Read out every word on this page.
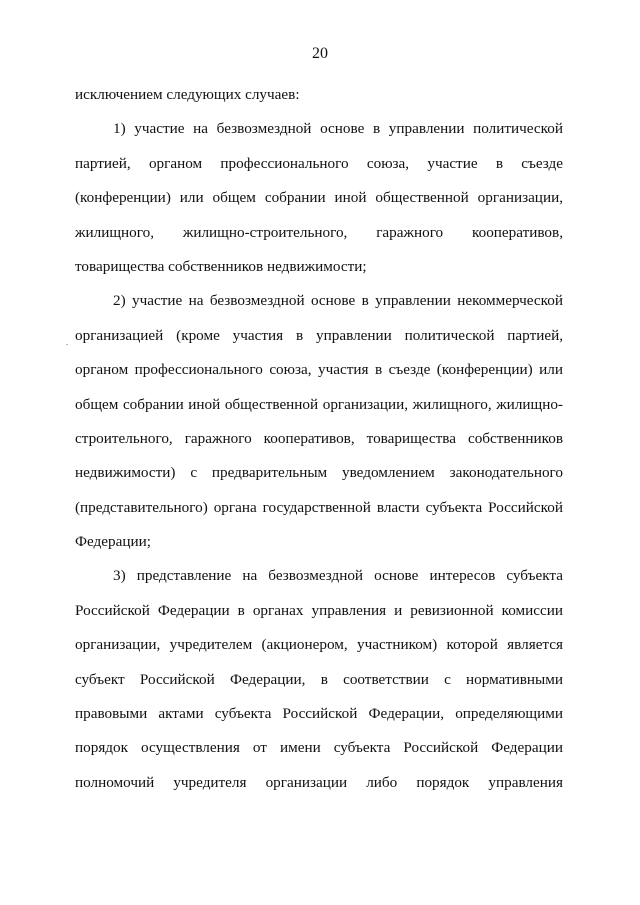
20
исключением следующих случаев:
1) участие на безвозмездной основе в управлении политической
партией, органом профессионального союза, участие в съезде
(конференции) или общем собрании иной общественной организации,
жилищного, жилищно-строительного, гаражного кооперативов,
товарищества собственников недвижимости;
2) участие на безвозмездной основе в управлении некоммерческой
организацией (кроме участия в управлении политической партией,
органом профессионального союза, участия в съезде (конференции) или
общем собрании иной общественной организации, жилищного, жилищно-
строительного, гаражного кооперативов, товарищества собственников
недвижимости) с предварительным уведомлением законодательного
(представительного) органа государственной власти субъекта Российской
Федерации;
3) представление на безвозмездной основе интересов субъекта
Российской Федерации в органах управления и ревизионной комиссии
организации, учредителем (акционером, участником) которой является
субъект Российской Федерации, в соответствии с нормативными
правовыми актами субъекта Российской Федерации, определяющими
порядок осуществления от имени субъекта Российской Федерации
полномочий учредителя организации либо порядок управления
